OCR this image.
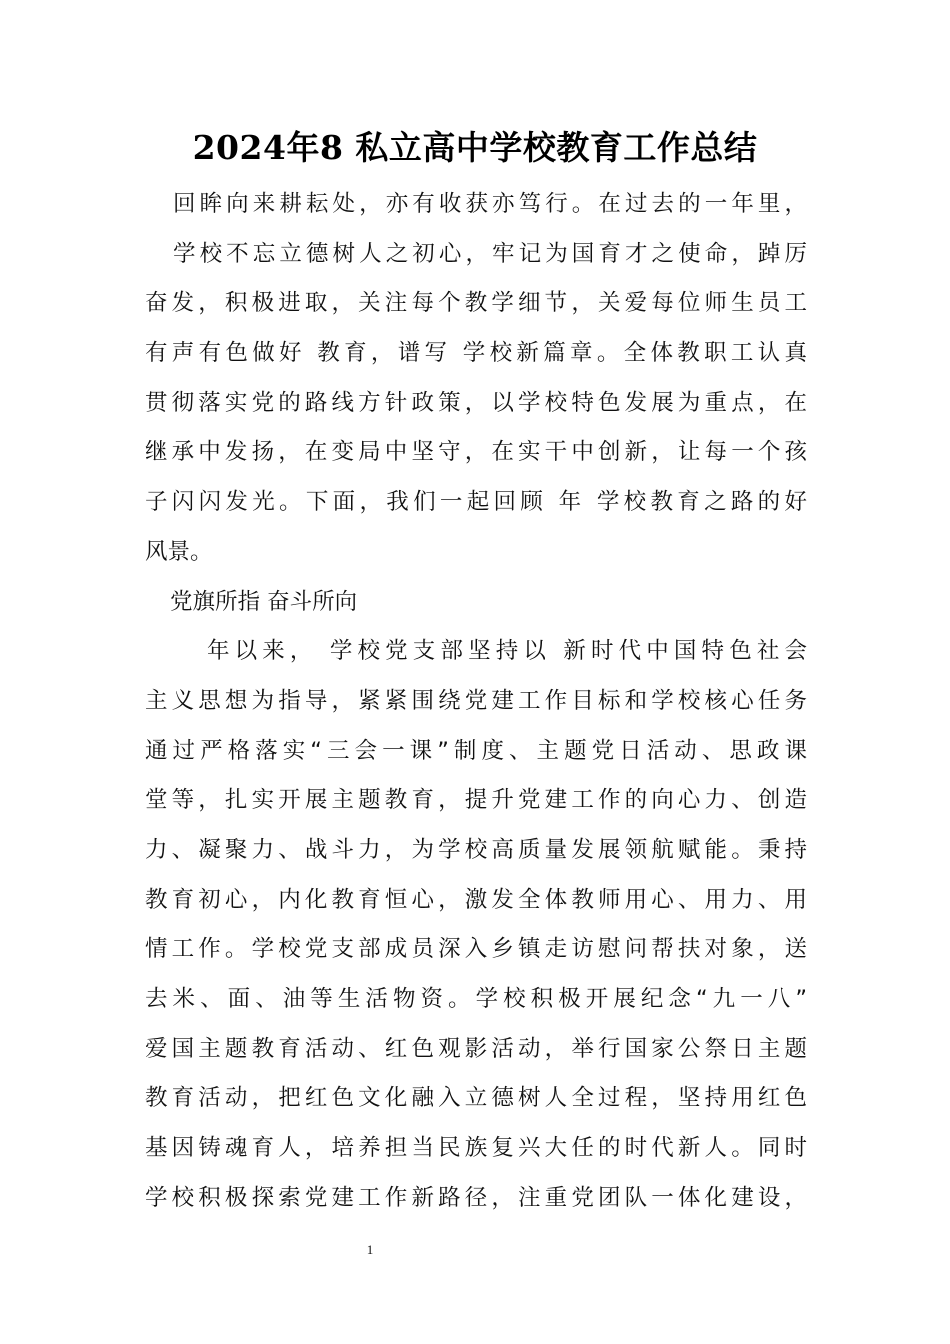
2024年8 私立高中学校教育工作总结
回眸向来耕耘处，亦有收获亦笃行。在过去的一年里，
学校不忘立德树人之初心，牢记为国育才之使命，踔厉
奋发，积极进取，关注每个教学细节，关爱每位师生员工
有声有色做好 教育，谱写 学校新篇章。全体教职工认真
贯彻落实党的路线方针政策，以学校特色发展为重点，在
继承中发扬，在变局中坚守，在实干中创新，让每一个孩
子闪闪发光。下面，我们一起回顾 年 学校教育之路的好
风景。
党旗所指 奋斗所向
年以来， 学校党支部坚持以 新时代中国特色社会
主义思想为指导，紧紧围绕党建工作目标和学校核心任务
通过严格落实“三会一课”制度、主题党日活动、思政课
堂等，扎实开展主题教育，提升党建工作的向心力、创造
力、凝聚力、战斗力，为学校高质量发展领航赋能。秉持
教育初心，内化教育恒心，激发全体教师用心、用力、用
情工作。学校党支部成员深入乡镇走访慰问帮扶对象，送
去米、面、油等生活物资。学校积极开展纪念“九一八”
爱国主题教育活动、红色观影活动，举行国家公祭日主题
教育活动，把红色文化融入立德树人全过程，坚持用红色
基因铸魂育人，培养担当民族复兴大任的时代新人。同时
学校积极探索党建工作新路径，注重党团队一体化建设，
1
